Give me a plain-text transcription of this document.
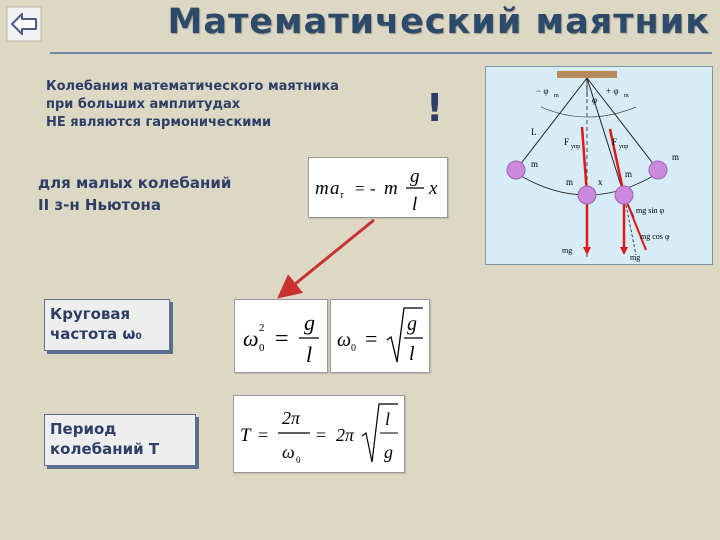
Математический маятник
Колебания математического маятника
при больших амплитудах
НЕ являются гармоническими	!
для малых колебаний
II з-н Ньютона
m a τ = - m
g
l
x
Круговая
частота ω₀	ω 0
2 =
g
l
ω 0 =
g
l
Период
колебаний Т
T =
2π
ω 0
= 2π
l
g
− φ m	+ φ m
φ
L
m
m
m
m
F упр	F упр
x
mg sin φ
mg cos φ
mg
mg
